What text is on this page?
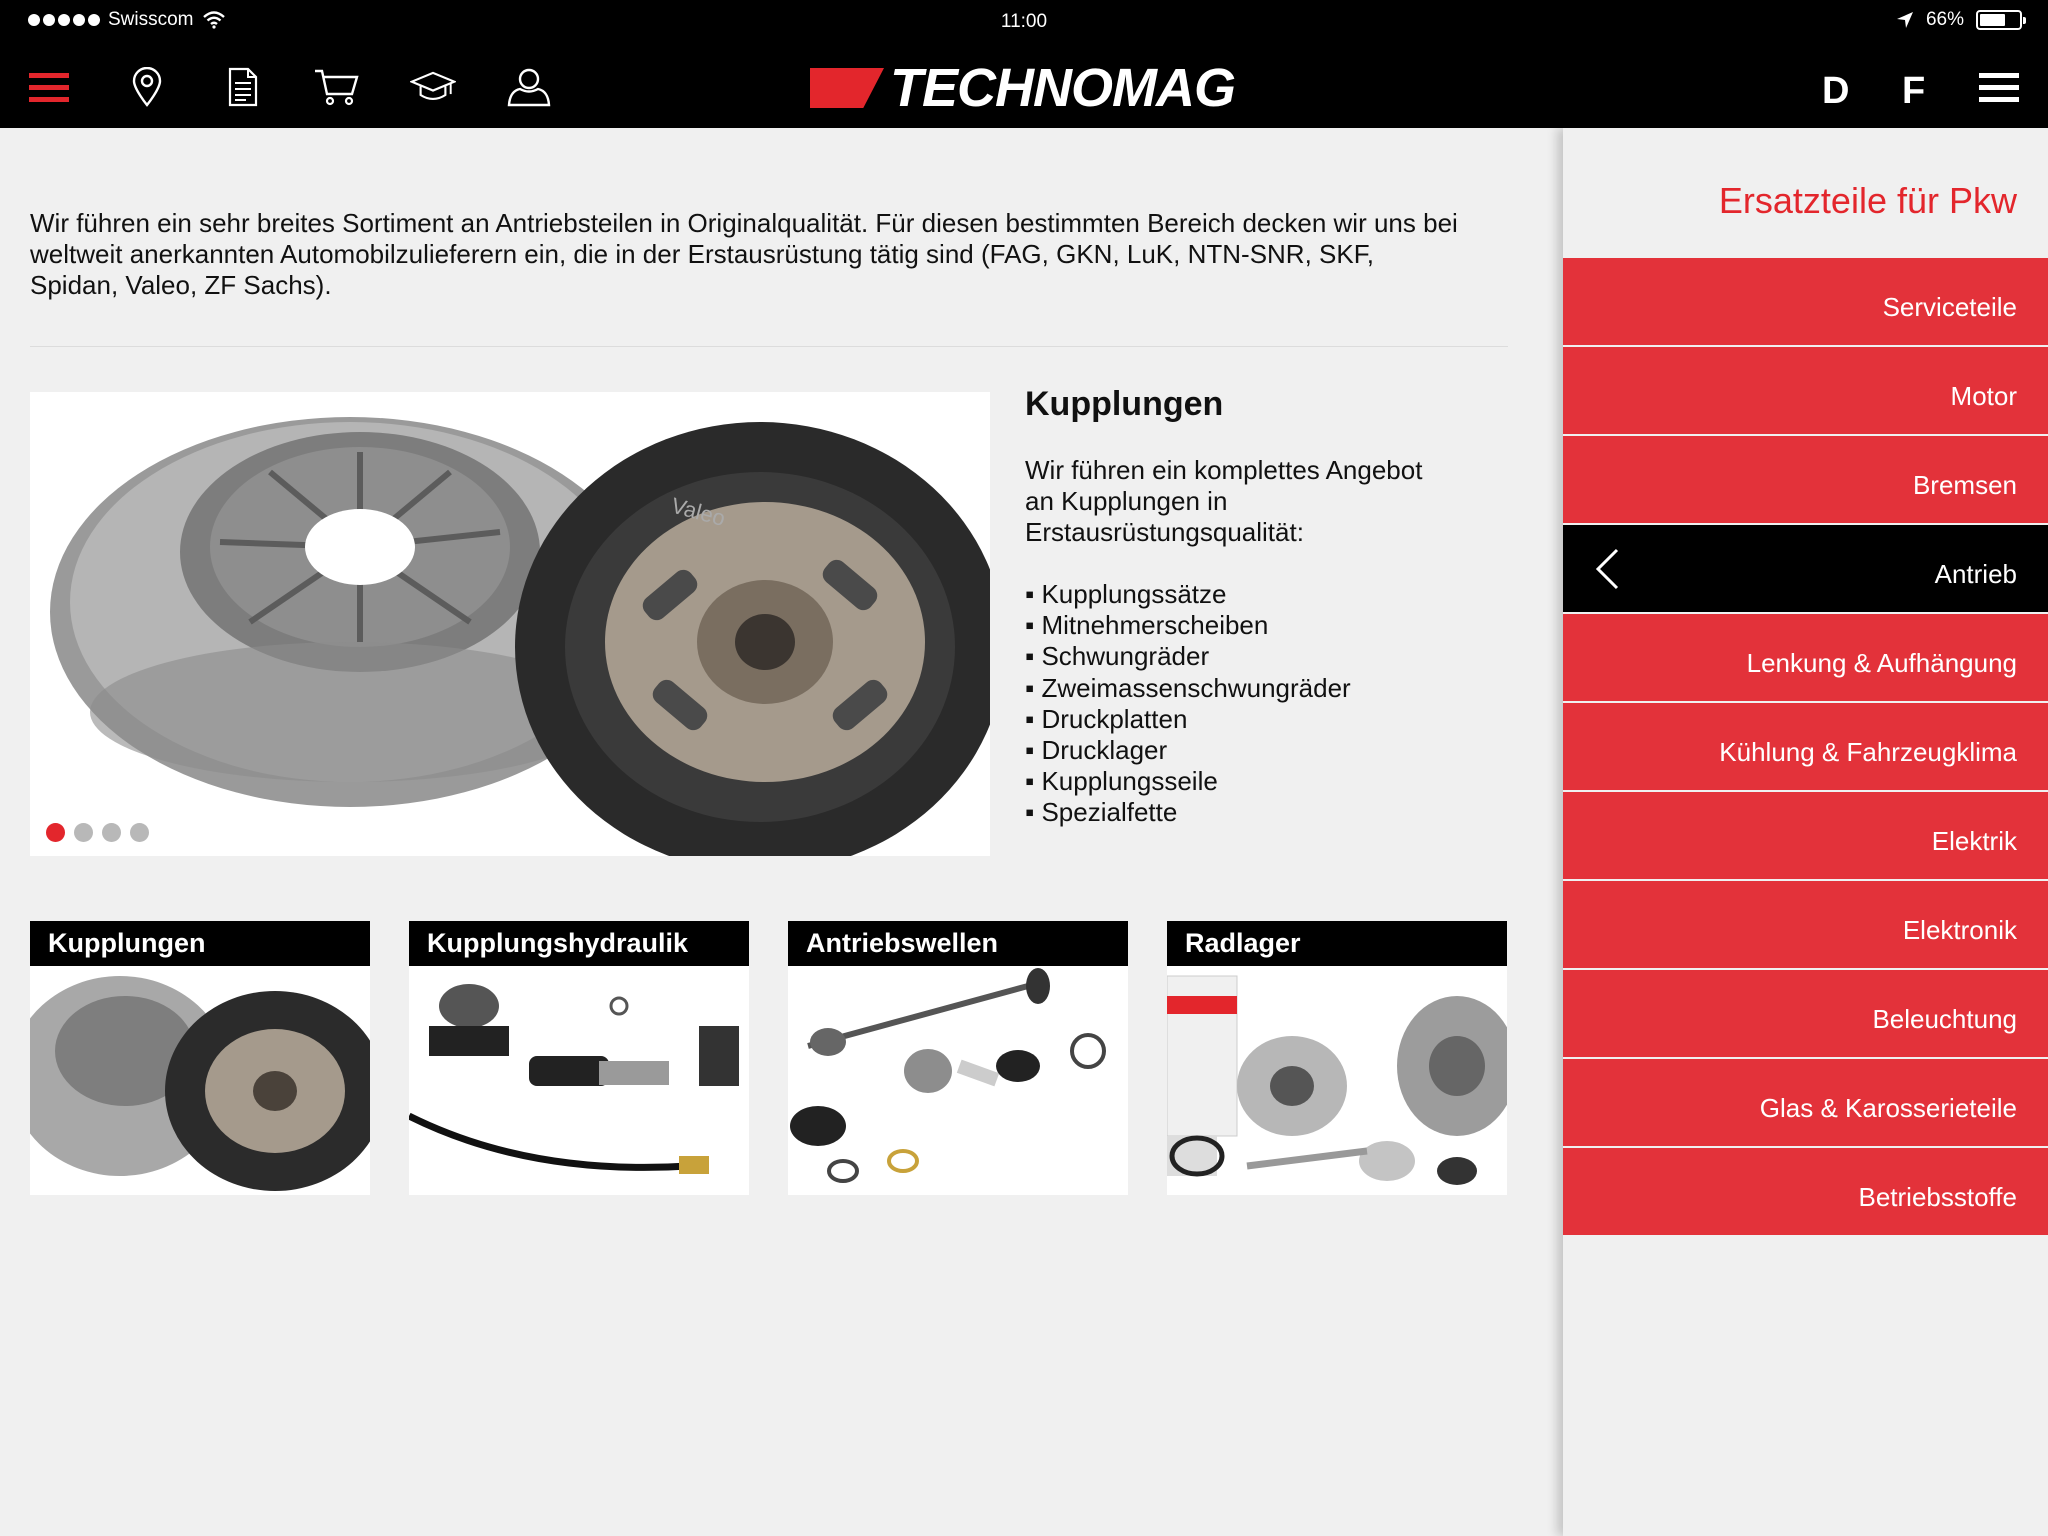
Swisscom	11:00	66%
TECHNOMAG	D F

Wir führen ein sehr breites Sortiment an Antriebsteilen in Originalqualität. Für diesen bestimmten Bereich decken wir uns bei weltweit anerkannten Automobilzulieferern ein, die in der Erstausrüstung tätig sind (FAG, GKN, LuK, NTN-SNR, SKF, Spidan, Valeo, ZF Sachs).

Valeo
Kupplungen

Wir führen ein komplettes Angebot an Kupplungen in Erstausrüstungsqualität:

▪ Kupplungssätze
▪ Mitnehmerscheiben
▪ Schwungräder
▪ Zweimassenschwungräder
▪ Druckplatten
▪ Drucklager
▪ Kupplungsseile
▪ Spezialfette
Kupplungen	Kupplungshydraulik	Antriebswellen	Radlager
Ersatzteile für Pkw
Serviceteile
Motor
Bremsen
Antrieb
Lenkung & Aufhängung
Kühlung & Fahrzeugklima
Elektrik
Elektronik
Beleuchtung
Glas & Karosserieteile
Betriebsstoffe
